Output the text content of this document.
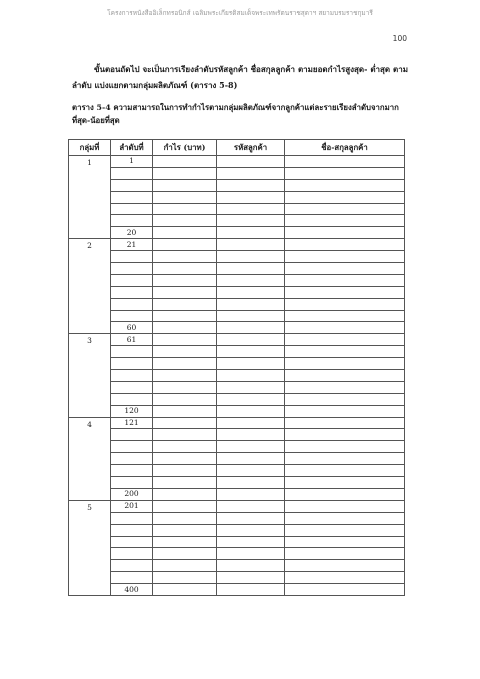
โครงการหนังสืออิเล็กทรอนิกส์ เฉลิมพระเกียรติสมเด็จพระเทพรัตนราชสุดาฯ สยามบรมราชกุมารี
100
ขั้นตอนถัดไป จะเป็นการเรียงลำดับรหัสลูกค้า ชื่อสกุลลูกค้า ตามยอดกำไรสูงสุด- ต่ำสุด ตามลำดับ แบ่งแยกตามกลุ่มผลิตภัณฑ์ (ตาราง 5-8)
ตาราง 5-4 ความสามารถในการทำกำไรตามกลุ่มผลิตภัณฑ์จากลูกค้าแต่ละรายเรียงลำดับจากมากที่สุด-น้อยที่สุด
กลุ่มที่	ลำดับที่	กำไร (บาท)	รหัสลูกค้า	ชื่อ-สกุลลูกค้า
1	1			

	20			
2	21			

	60			
3	61			

	120			
4	121			

	200			
5	201			

	400			
